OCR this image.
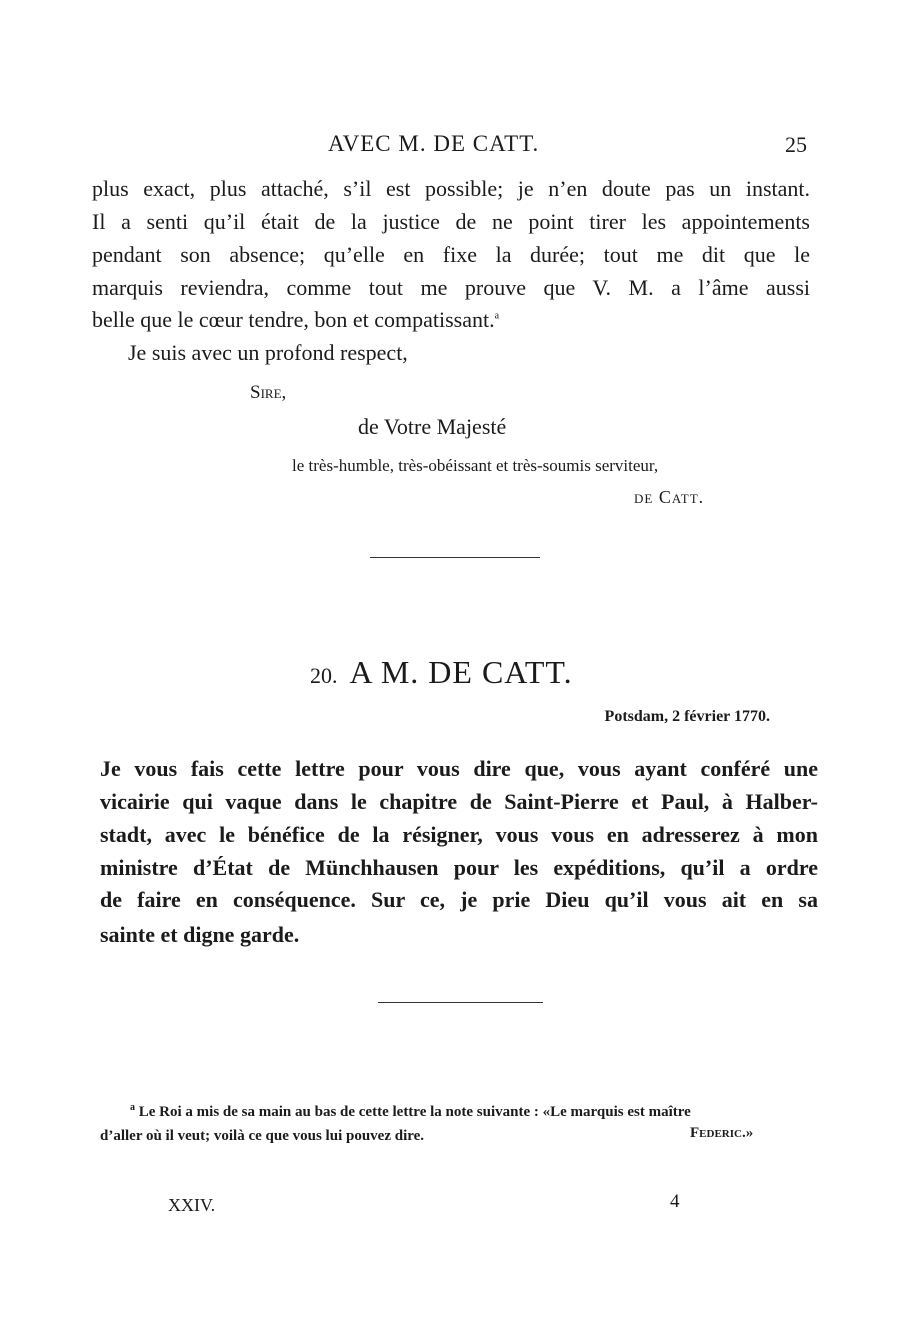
AVEC M. DE CATT.	25
plus exact, plus attaché, s’il est possible; je n’en doute pas un instant.
Il a senti qu’il était de la justice de ne point tirer les appointements
pendant son absence; qu’elle en fixe la durée; tout me dit que le
marquis reviendra, comme tout me prouve que V. M. a l’âme aussi
belle que le cœur tendre, bon et compatissant.$^a$
Je suis avec un profond respect,
Sire,
de Votre Majesté
le très-humble, très-obéissant et très-soumis serviteur,
de Catt.
20. A M. DE CATT.
Potsdam, 2 février 1770.
Je vous fais cette lettre pour vous dire que, vous ayant conféré une
vicairie qui vaque dans le chapitre de Saint-Pierre et Paul, à Halber-
stadt, avec le bénéfice de la résigner, vous vous en adresserez à mon
ministre d’État de Münchhausen pour les expéditions, qu’il a ordre
de faire en conséquence. Sur ce, je prie Dieu qu’il vous ait en sa
sainte et digne garde.
$^a$ Le Roi a mis de sa main au bas de cette lettre la note suivante : «Le marquis est maître
d’aller où il veut; voilà ce que vous lui pouvez dire.	Federic.»
XXIV.	4
